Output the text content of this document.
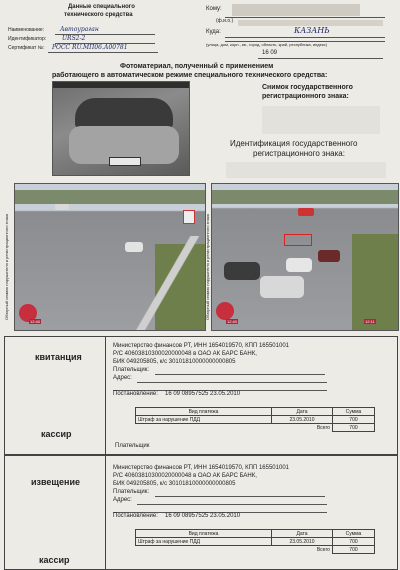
Данные специального
технического средства
Наименование:	Автоураган
Идентификатор:	URS2-2
Сертификат №: РОСС RU.МП06.А00781
Кому:
(ф.и.о.)
Куда:	КАЗАНЬ
(улица, дом, корп., кв., город, область, край, республика, индекс)
16 09
Фотоматериал, полученный с применением
работающего в автоматическом режиме специального технического средства:
Снимок государственного
регистрационного знака:
Идентификация государственного
регистрационного знака:
12:40
Обзорный снимок нарушителя и регистрационного знака
12:40	12:11
Обзорный снимок нарушителя и регистрационного знака
квитанция
кассир
Министерство финансов РТ, ИНН 1654019570, КПП 165501001
Р/С 40603810300020000048 в ОАО АК БАРС БАНК,
БИК 049205805, к/с 30101810000000000805
Плательщик:
Адрес:
Постановление: 16 09 08957525 23.05.2010
Вид платежа	Дата	Сумма
Штраф за нарушение ПДД	23.05.2010	700
	Всего	700
Плательщик
извещение
кассир
Министерство финансов РТ, ИНН 1654019570, КПП 165501001
Р/С 40603810300020000048 в ОАО АК БАРС БАНК,
БИК 049205805, к/с 30101810000000000805
Плательщик:
Адрес:
Постановление: 16 09 08957525 23.05.2010
Вид платежа	Дата	Сумма
Штраф за нарушение ПДД	23.05.2010	700
	Всего	700
